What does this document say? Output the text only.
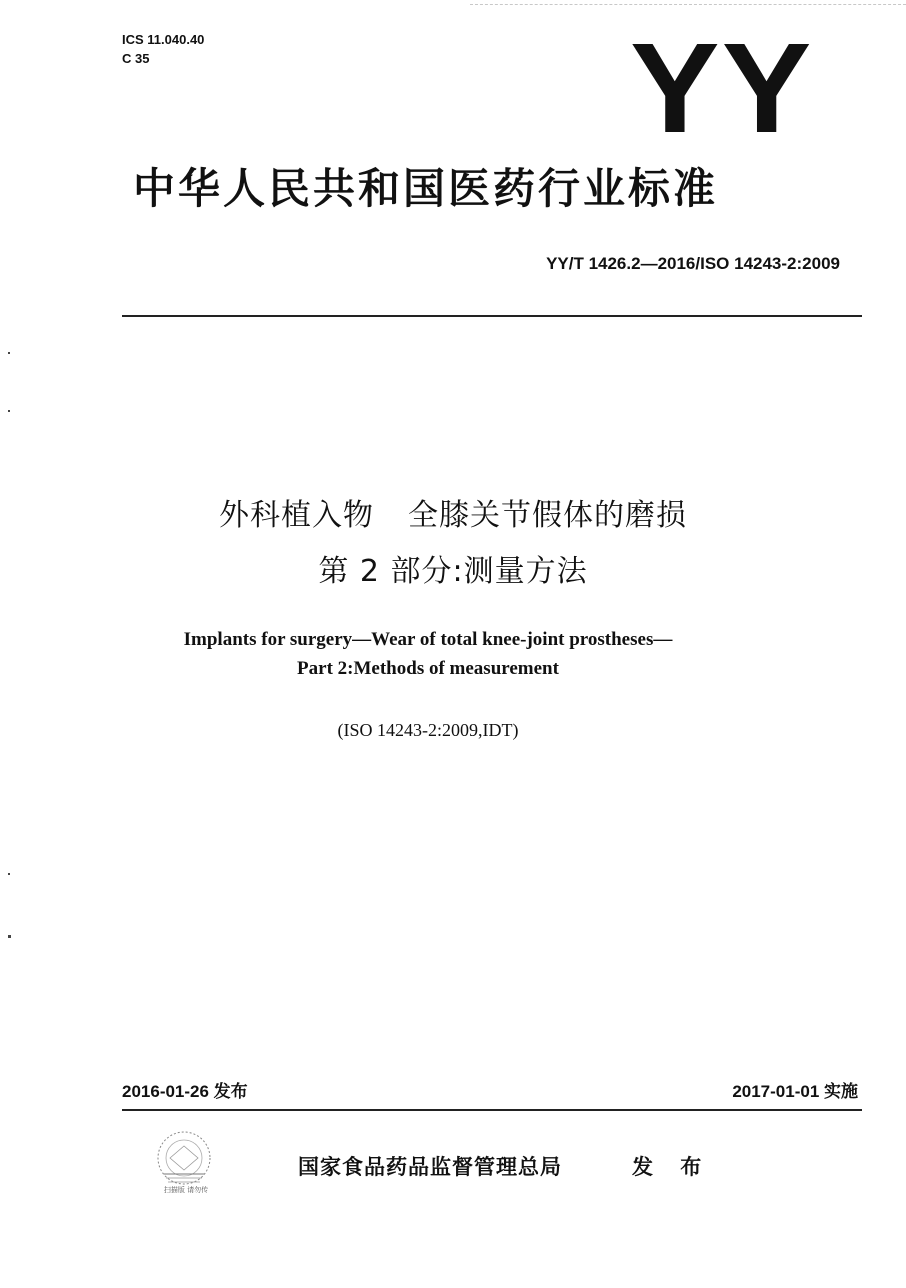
ICS 11.040.40
C 35	YY
中华人民共和国医药行业标准
YY/T 1426.2—2016/ISO 14243-2:2009
外科植入物 全膝关节假体的磨损
第 2 部分:测量方法
Implants for surgery—Wear of total knee-joint prostheses—
Part 2:Methods of measurement
(ISO 14243-2:2009,IDT)
2016-01-26 发布	2017-01-01 实施
扫描版 请勿传
国家食品药品监督管理总局	发 布
